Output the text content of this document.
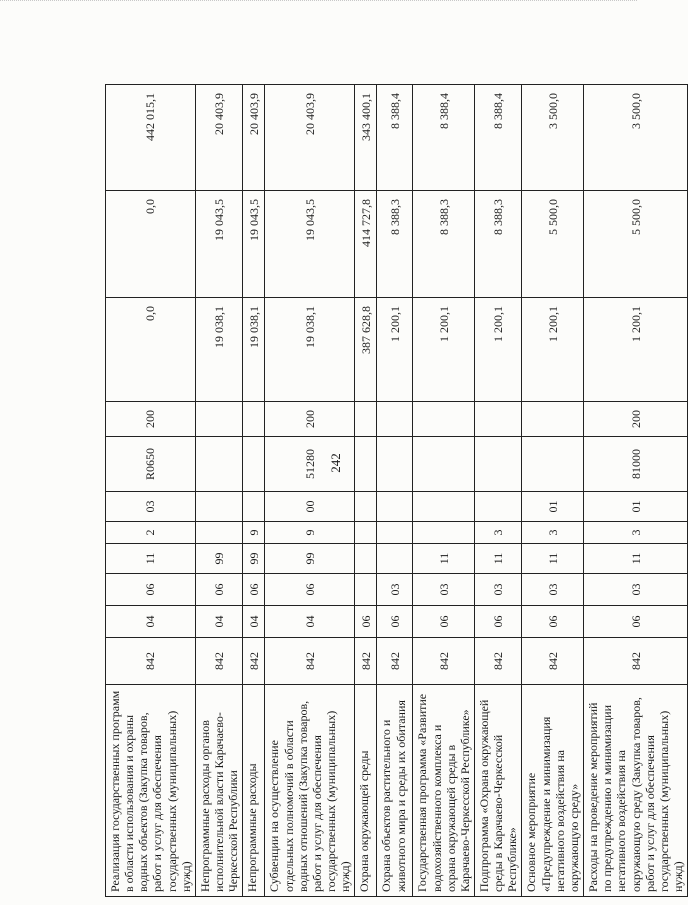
242
Реализация государственных программ в области использования и охраны водных объектов (Закупка товаров, работ и услуг для обеспечения государственных (муниципальных) нужд)	842	04	06	11	2	03	R0650	200	0,0	0,0	442 015,1
Непрограммные расходы органов исполнительной власти Карачаево-Черкесской Республики	842	04	06	99					19 038,1	19 043,5	20 403,9
Непрограммные расходы	842	04	06	99	9				19 038,1	19 043,5	20 403,9
Субвенции на осуществление отдельных полномочий в области водных отношений (Закупка товаров, работ и услуг для обеспечения государственных (муниципальных) нужд)	842	04	06	99	9	00	51280	200	19 038,1	19 043,5	20 403,9
Охрана окружающей среды	842	06							387 628,8	414 727,8	343 400,1
Охрана объектов растительного и животного мира и среды их обитания	842	06	03						1 200,1	8 388,3	8 388,4
Государственная программа «Развитие водохозяйственного комплекса и охрана окружающей среды в Карачаево-Черкесской Республике»	842	06	03	11					1 200,1	8 388,3	8 388,4
Подпрограмма «Охрана окружающей среды в Карачаево-Черкесской Республике»	842	06	03	11	3				1 200,1	8 388,3	8 388,4
Основное мероприятие «Предупреждение и минимизация негативного воздействия на окружающую среду»	842	06	03	11	3	01			1 200,1	5 500,0	3 500,0
Расходы на проведение мероприятий по предупреждению и минимизации негативного воздействия на окружающую среду (Закупка товаров, работ и услуг для обеспечения государственных (муниципальных) нужд)	842	06	03	11	3	01	81000	200	1 200,1	5 500,0	3 500,0
